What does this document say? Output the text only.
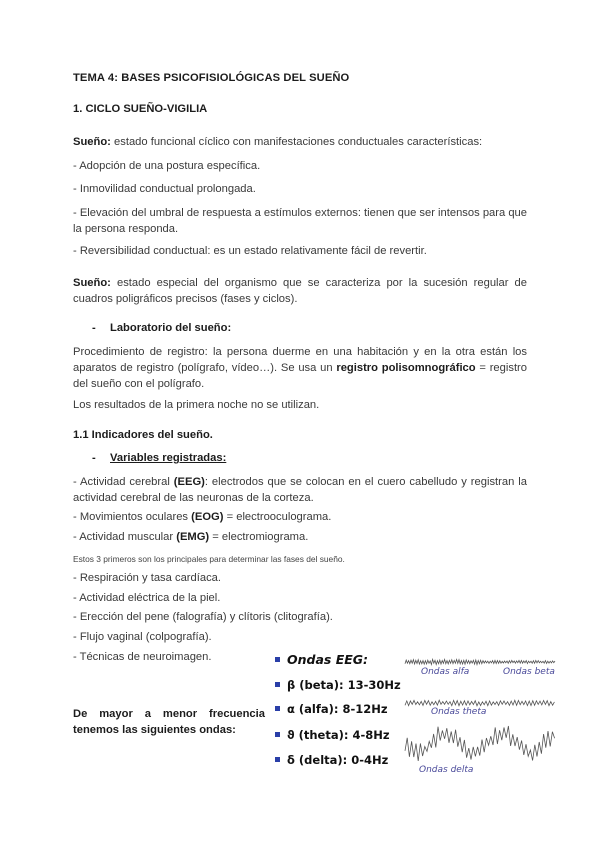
TEMA 4: BASES PSICOFISIOLÓGICAS DEL SUEÑO
1. CICLO SUEÑO-VIGILIA
Sueño: estado funcional cíclico con manifestaciones conductuales características:
- Adopción de una postura específica.
- Inmovilidad conductual prolongada.
- Elevación del umbral de respuesta a estímulos externos: tienen que ser intensos para que la persona responda.
- Reversibilidad conductual: es un estado relativamente fácil de revertir.
Sueño: estado especial del organismo que se caracteriza por la sucesión regular de cuadros poligráficos precisos (fases y ciclos).
- Laboratorio del sueño:
Procedimiento de registro: la persona duerme en una habitación y en la otra están los aparatos de registro (polígrafo, vídeo…). Se usa un registro polisomnográfico = registro del sueño con el polígrafo.
Los resultados de la primera noche no se utilizan.
1.1 Indicadores del sueño.
- Variables registradas:
- Actividad cerebral (EEG): electrodos que se colocan en el cuero cabelludo y registran la actividad cerebral de las neuronas de la corteza.
- Movimientos oculares (EOG) = electrooculograma.
- Actividad muscular (EMG) = electromiograma.
Estos 3 primeros son los principales para determinar las fases del sueño.
- Respiración y tasa cardíaca.
- Actividad eléctrica de la piel.
- Erección del pene (falografía) y clítoris (clitografía).
- Flujo vaginal (colpografía).
- Técnicas de neuroimagen.
De mayor a menor frecuencia tenemos las siguientes ondas:
Ondas EEG:
β (beta): 13-30Hz
α (alfa): 8-12Hz
ϑ (theta): 4-8Hz
δ (delta): 0-4Hz
Ondas alfa	Ondas beta
Ondas theta
Ondas delta
